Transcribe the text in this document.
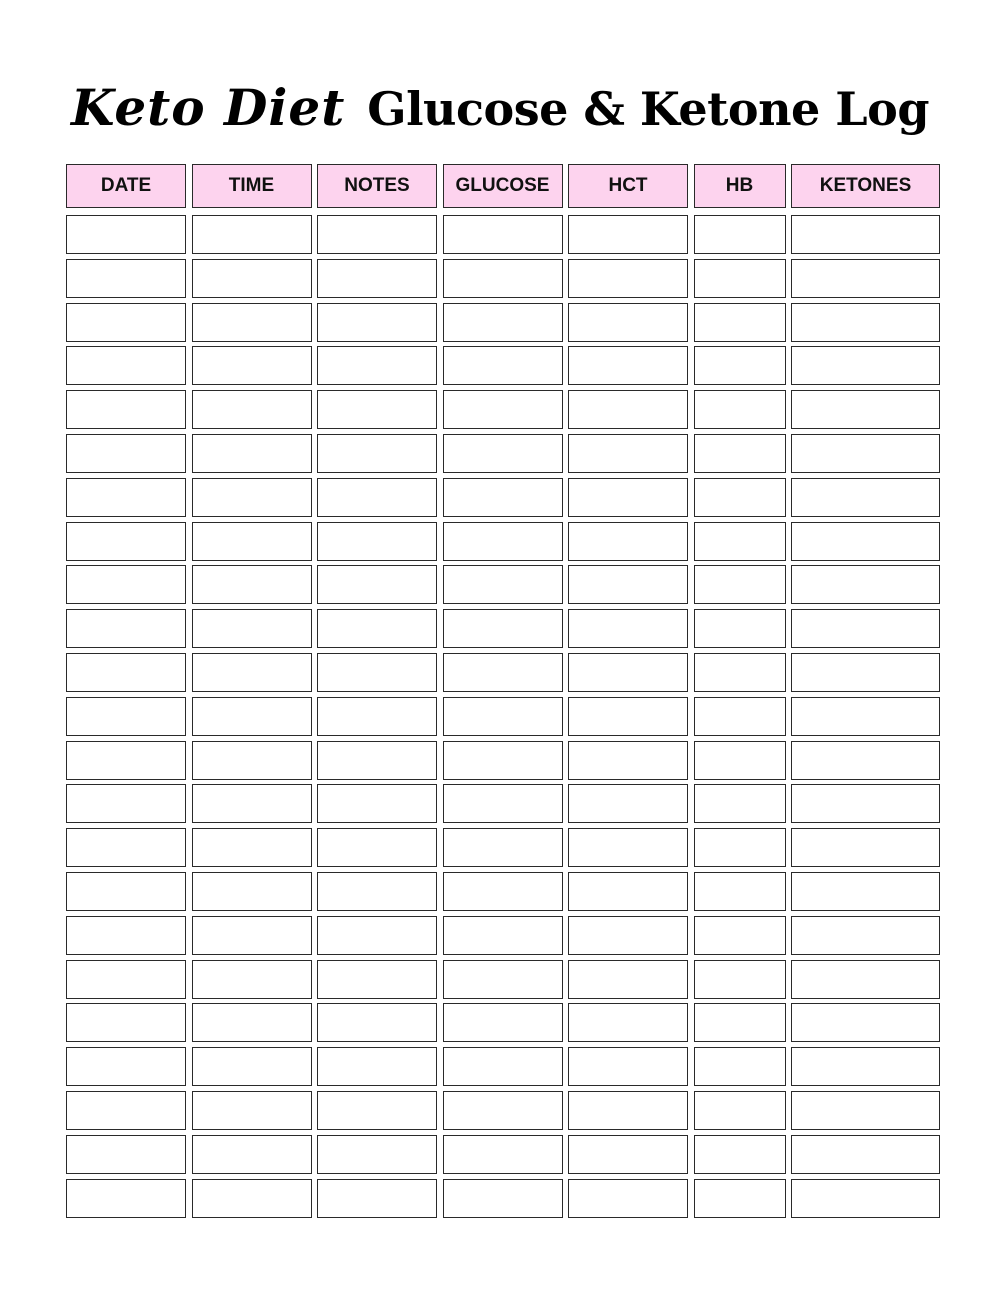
Keto Diet Glucose & Ketone Log
DATE	TIME	NOTES	GLUCOSE	HCT	HB	KETONES
